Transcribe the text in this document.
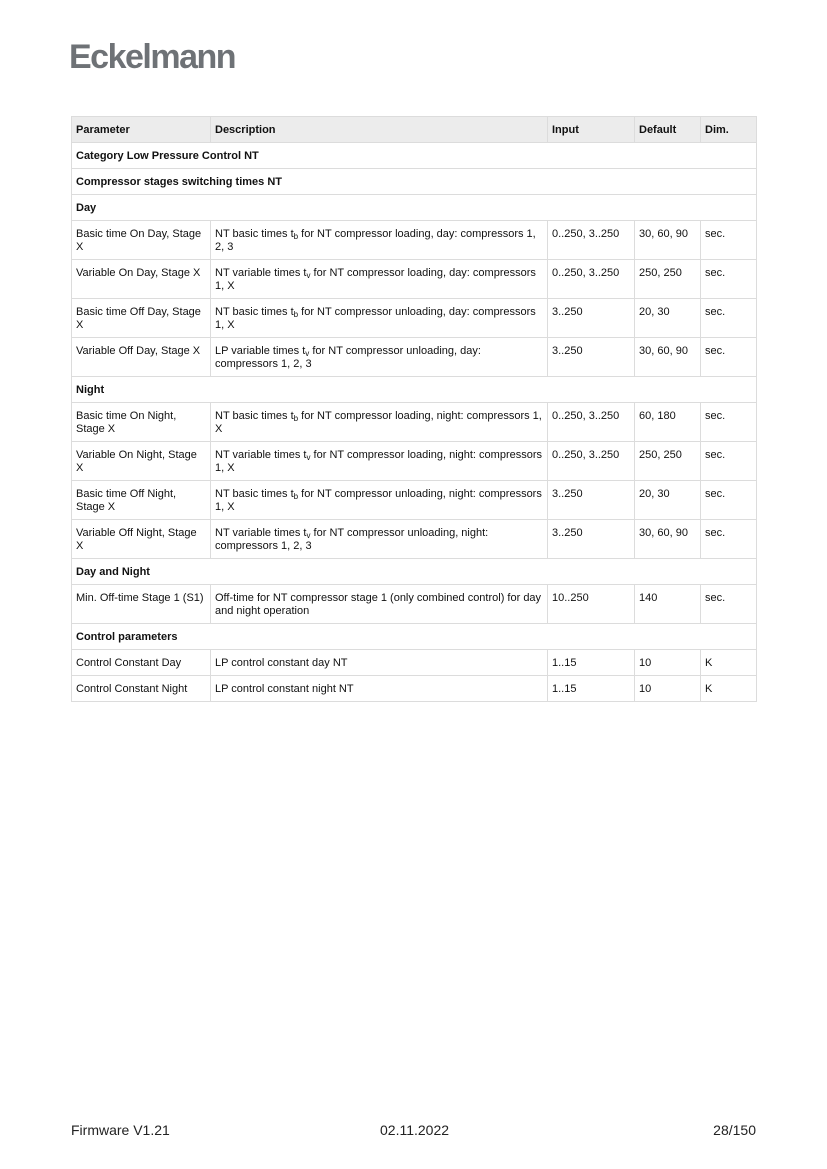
Eckelmann
Parameter	Description	Input	Default	Dim.
Category Low Pressure Control NT				
Compressor stages switching times NT				
Day				
Basic time On Day, Stage X	NT basic times $t_b$ for NT compressor loading, day: compressors 1, 2, 3	0..250, 3..250	30, 60, 90	sec.
Variable On Day, Stage X	NT variable times $t_v$ for NT compressor loading, day: compressors 1, X	0..250, 3..250	250, 250	sec.
Basic time Off Day, Stage X	NT basic times $t_b$ for NT compressor unloading, day: compressors 1, X	3..250	20, 30	sec.
Variable Off Day, Stage X	LP variable times $t_v$ for NT compressor unloading, day: compressors 1, 2, 3	3..250	30, 60, 90	sec.
Night				
Basic time On Night, Stage X	NT basic times $t_b$ for NT compressor loading, night: compressors 1, X	0..250, 3..250	60, 180	sec.
Variable On Night, Stage X	NT variable times $t_v$ for NT compressor loading, night: compressors 1, X	0..250, 3..250	250, 250	sec.
Basic time Off Night, Stage X	NT basic times $t_b$ for NT compressor unloading, night: compressors 1, X	3..250	20, 30	sec.
Variable Off Night, Stage X	NT variable times $t_v$ for NT compressor unloading, night: compressors 1, 2, 3	3..250	30, 60, 90	sec.
Day and Night				
Min. Off-time Stage 1 (S1)	Off-time for NT compressor stage 1 (only combined control) for day and night operation	10..250	140	sec.
Control parameters				
Control Constant Day	LP control constant day NT	1..15	10	K
Control Constant Night	LP control constant night NT	1..15	10	K
Firmware V1.21	02.11.2022	28/150
